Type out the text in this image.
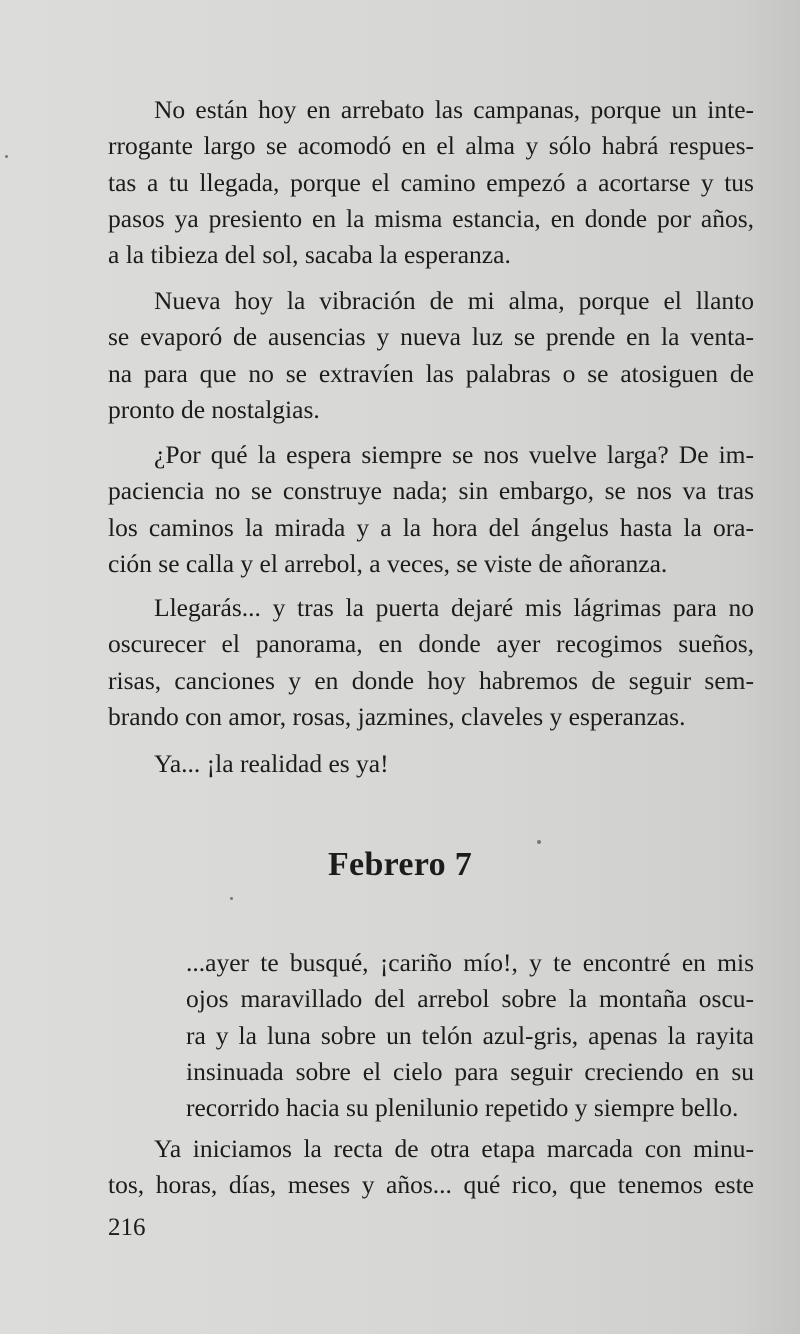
No están hoy en arrebato las campanas, porque un inte-
rrogante largo se acomodó en el alma y sólo habrá respues-
tas a tu llegada, porque el camino empezó a acortarse y tus
pasos ya presiento en la misma estancia, en donde por años,
a la tibieza del sol, sacaba la esperanza.
Nueva hoy la vibración de mi alma, porque el llanto
se evaporó de ausencias y nueva luz se prende en la venta-
na para que no se extravíen las palabras o se atosiguen de
pronto de nostalgias.
¿Por qué la espera siempre se nos vuelve larga? De im-
paciencia no se construye nada; sin embargo, se nos va tras
los caminos la mirada y a la hora del ángelus hasta la ora-
ción se calla y el arrebol, a veces, se viste de añoranza.
Llegarás... y tras la puerta dejaré mis lágrimas para no
oscurecer el panorama, en donde ayer recogimos sueños,
risas, canciones y en donde hoy habremos de seguir sem-
brando con amor, rosas, jazmines, claveles y esperanzas.
Ya... ¡la realidad es ya!
Febrero 7
...ayer te busqué, ¡cariño mío!, y te encontré en mis
ojos maravillado del arrebol sobre la montaña oscu-
ra y la luna sobre un telón azul-gris, apenas la rayita
insinuada sobre el cielo para seguir creciendo en su
recorrido hacia su plenilunio repetido y siempre bello.
Ya iniciamos la recta de otra etapa marcada con minu-
tos, horas, días, meses y años... qué rico, que tenemos este
216
